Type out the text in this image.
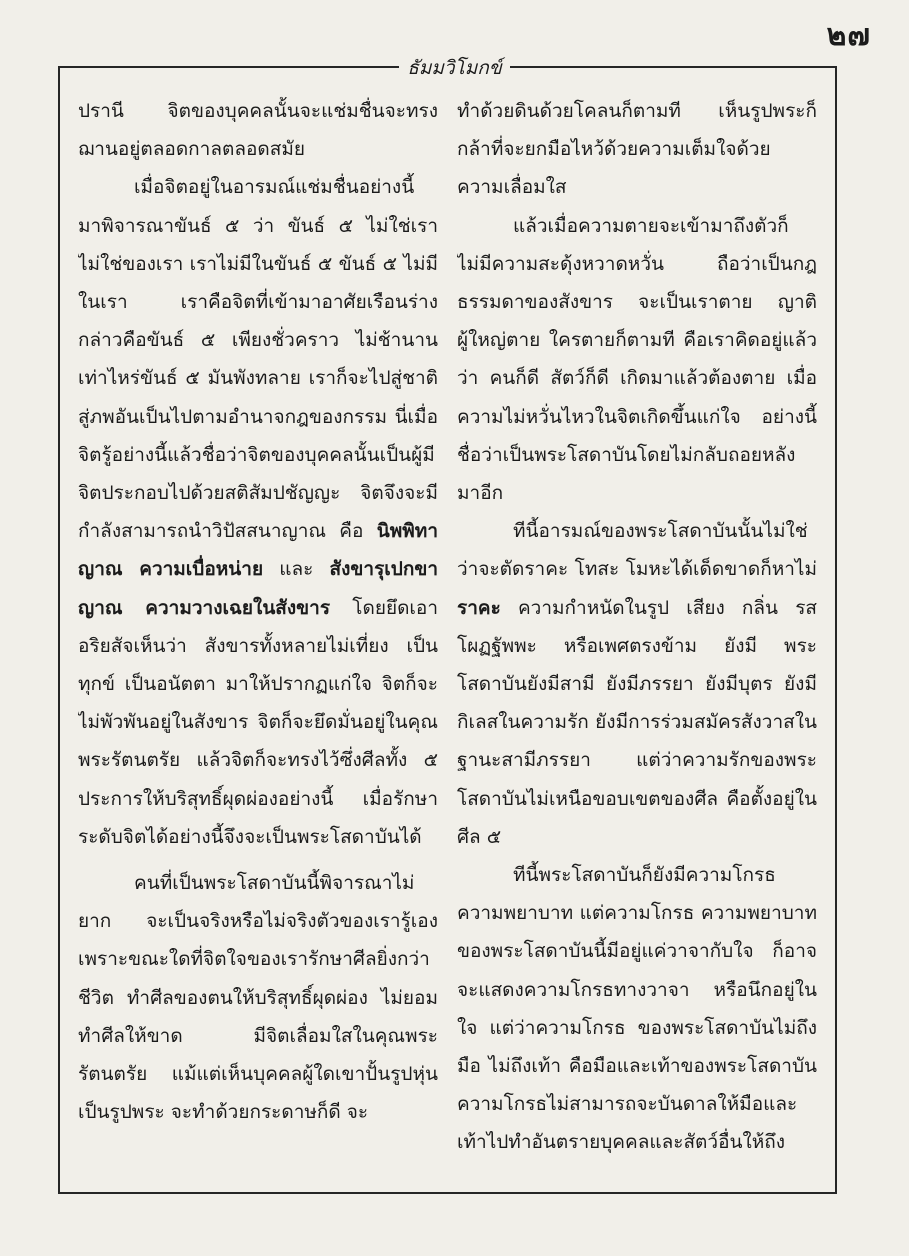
๒๗
ธัมมวิโมกข์

ปรานี จิตของบุคคลนั้นจะแช่มชื่นจะทรงฌานอยู่ตลอดกาลตลอดสมัย

เมื่อจิตอยู่ในอารมณ์แช่มชื่นอย่างนี้ มาพิจารณาขันธ์ ๕ ว่า ขันธ์ ๕ ไม่ใช่เรา ไม่ใช่ของเรา เราไม่มีในขันธ์ ๕ ขันธ์ ๕ ไม่มีในเรา เราคือจิตที่เข้ามาอาศัยเรือนร่าง กล่าวคือขันธ์ ๕ เพียงชั่วคราว ไม่ช้านาน เท่าไหร่ขันธ์ ๕ มันพังทลาย เราก็จะไปสู่ชาติสู่ภพอันเป็นไปตามอำนาจกฎของกรรม นี่เมื่อจิตรู้อย่างนี้แล้วชื่อว่าจิตของบุคคลนั้นเป็นผู้มีจิตประกอบไปด้วยสติสัมปชัญญะ จิตจึงจะมีกำลังสามารถนำวิปัสสนาญาณ คือ นิพพิทาญาณ ความเบื่อหน่าย และ สังขารุเปกขาญาณ ความวางเฉยในสังขาร โดยยึดเอาอริยสัจเห็นว่า สังขารทั้งหลายไม่เที่ยง เป็นทุกข์ เป็นอนัตตา มาให้ปรากฏแก่ใจ จิตก็จะไม่พัวพันอยู่ในสังขาร จิตก็จะยึดมั่นอยู่ในคุณพระรัตนตรัย แล้วจิตก็จะทรงไว้ซึ่งศีลทั้ง ๕ ประการให้บริสุทธิ์ผุดผ่องอย่างนี้ เมื่อรักษาระดับจิตได้อย่างนี้จึงจะเป็นพระโสดาบันได้

คนที่เป็นพระโสดาบันนี้พิจารณาไม่ยาก จะเป็นจริงหรือไม่จริงตัวของเรารู้เองเพราะขณะใดที่จิตใจของเรารักษาศีลยิ่งกว่าชีวิต ทำศีลของตนให้บริสุทธิ์ผุดผ่อง ไม่ยอมทำศีลให้ขาด มีจิตเลื่อมใสในคุณพระรัตนตรัย แม้แต่เห็นบุคคลผู้ใดเขาปั้นรูปหุ่นเป็นรูปพระ จะทำด้วยกระดาษก็ดี จะ

ทำด้วยดินด้วยโคลนก็ตามที เห็นรูปพระก็กล้าที่จะยกมือไหว้ด้วยความเต็มใจด้วยความเลื่อมใส

แล้วเมื่อความตายจะเข้ามาถึงตัวก็ไม่มีความสะดุ้งหวาดหวั่น ถือว่าเป็นกฎธรรมดาของสังขาร จะเป็นเราตาย ญาติผู้ใหญ่ตาย ใครตายก็ตามที คือเราคิดอยู่แล้วว่า คนก็ดี สัตว์ก็ดี เกิดมาแล้วต้องตาย เมื่อความไม่หวั่นไหวในจิตเกิดขึ้นแก่ใจ อย่างนี้ชื่อว่าเป็นพระโสดาบันโดยไม่กลับถอยหลังมาอีก

ทีนี้อารมณ์ของพระโสดาบันนั้นไม่ใช่ว่าจะตัดราคะ โทสะ โมหะได้เด็ดขาดก็หาไม่ ราคะ ความกำหนัดในรูป เสียง กลิ่น รส โผฏฐัพพะ หรือเพศตรงข้าม ยังมี พระโสดาบันยังมีสามี ยังมีภรรยา ยังมีบุตร ยังมีกิเลสในความรัก ยังมีการร่วมสมัครสังวาสในฐานะสามีภรรยา แต่ว่าความรักของพระโสดาบันไม่เหนือขอบเขตของศีล คือตั้งอยู่ในศีล ๕

ทีนี้พระโสดาบันก็ยังมีความโกรธ ความพยาบาท แต่ความโกรธ ความพยาบาทของพระโสดาบันนี้มีอยู่แค่วาจากับใจ ก็อาจจะแสดงความโกรธทางวาจา หรือนึกอยู่ในใจ แต่ว่าความโกรธ ของพระโสดาบันไม่ถึงมือ ไม่ถึงเท้า คือมือและเท้าของพระโสดาบัน ความโกรธไม่สามารถจะบันดาลให้มือและเท้าไปทำอันตรายบุคคลและสัตว์อื่นให้ถึง
